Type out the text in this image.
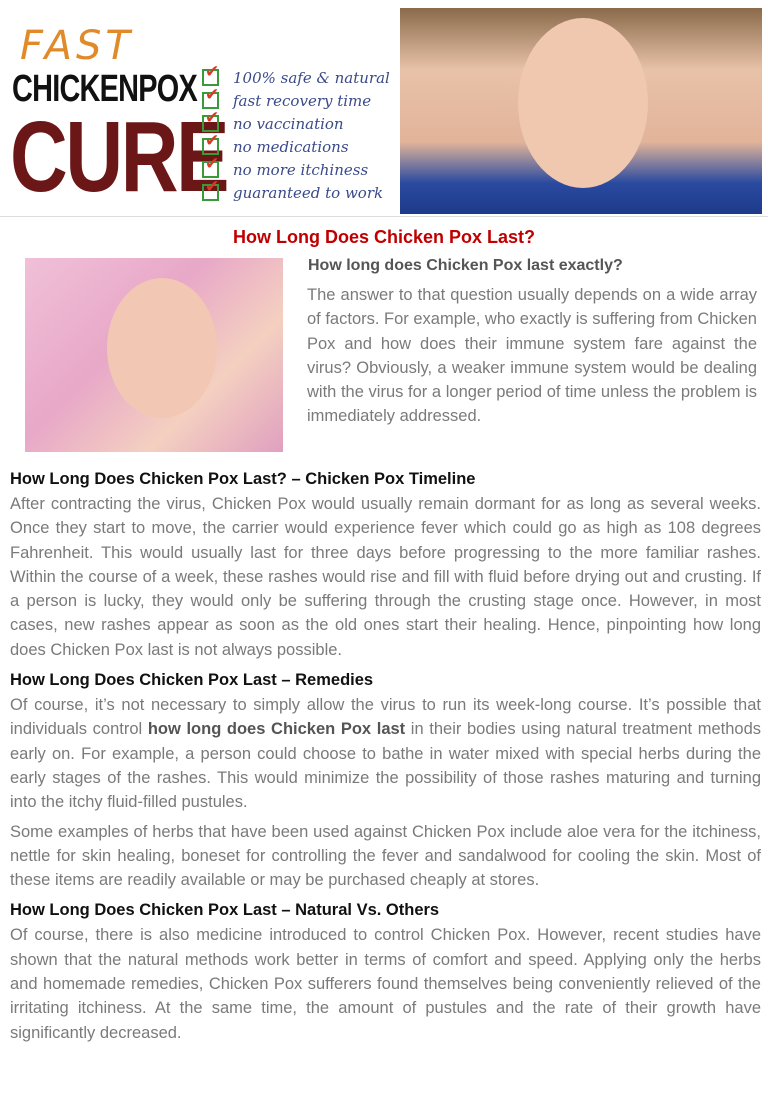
FAST
CHICKENPOX
CURE
✔
100% safe & natural
✔
fast recovery time
✔
no vaccination
✔
no medications
✔
no more itchiness
✔
guaranteed to work
How Long Does Chicken Pox Last?
How long does Chicken Pox last exactly?

The answer to that question usually depends on a wide array of factors. For example, who exactly is suffering from Chicken Pox and how does their immune system fare against the virus? Obviously, a weaker immune system would be dealing with the virus for a longer period of time unless the problem is immediately addressed.

How Long Does Chicken Pox Last? – Chicken Pox Timeline

After contracting the virus, Chicken Pox would usually remain dormant for as long as several weeks. Once they start to move, the carrier would experience fever which could go as high as 108 degrees Fahrenheit. This would usually last for three days before progressing to the more familiar rashes. Within the course of a week, these rashes would rise and fill with fluid before drying out and crusting. If a person is lucky, they would only be suffering through the crusting stage once. However, in most cases, new rashes appear as soon as the old ones start their healing. Hence, pinpointing how long does Chicken Pox last is not always possible.

How Long Does Chicken Pox Last – Remedies

Of course, it’s not necessary to simply allow the virus to run its week-long course. It’s possible that individuals control how long does Chicken Pox last in their bodies using natural treatment methods early on. For example, a person could choose to bathe in water mixed with special herbs during the early stages of the rashes. This would minimize the possibility of those rashes maturing and turning into the itchy fluid-filled pustules.

Some examples of herbs that have been used against Chicken Pox include aloe vera for the itchiness, nettle for skin healing, boneset for controlling the fever and sandalwood for cooling the skin. Most of these items are readily available or may be purchased cheaply at stores.

How Long Does Chicken Pox Last – Natural Vs. Others

Of course, there is also medicine introduced to control Chicken Pox. However, recent studies have shown that the natural methods work better in terms of comfort and speed. Applying only the herbs and homemade remedies, Chicken Pox sufferers found themselves being conveniently relieved of the irritating itchiness. At the same time, the amount of pustules and the rate of their growth have significantly decreased.
